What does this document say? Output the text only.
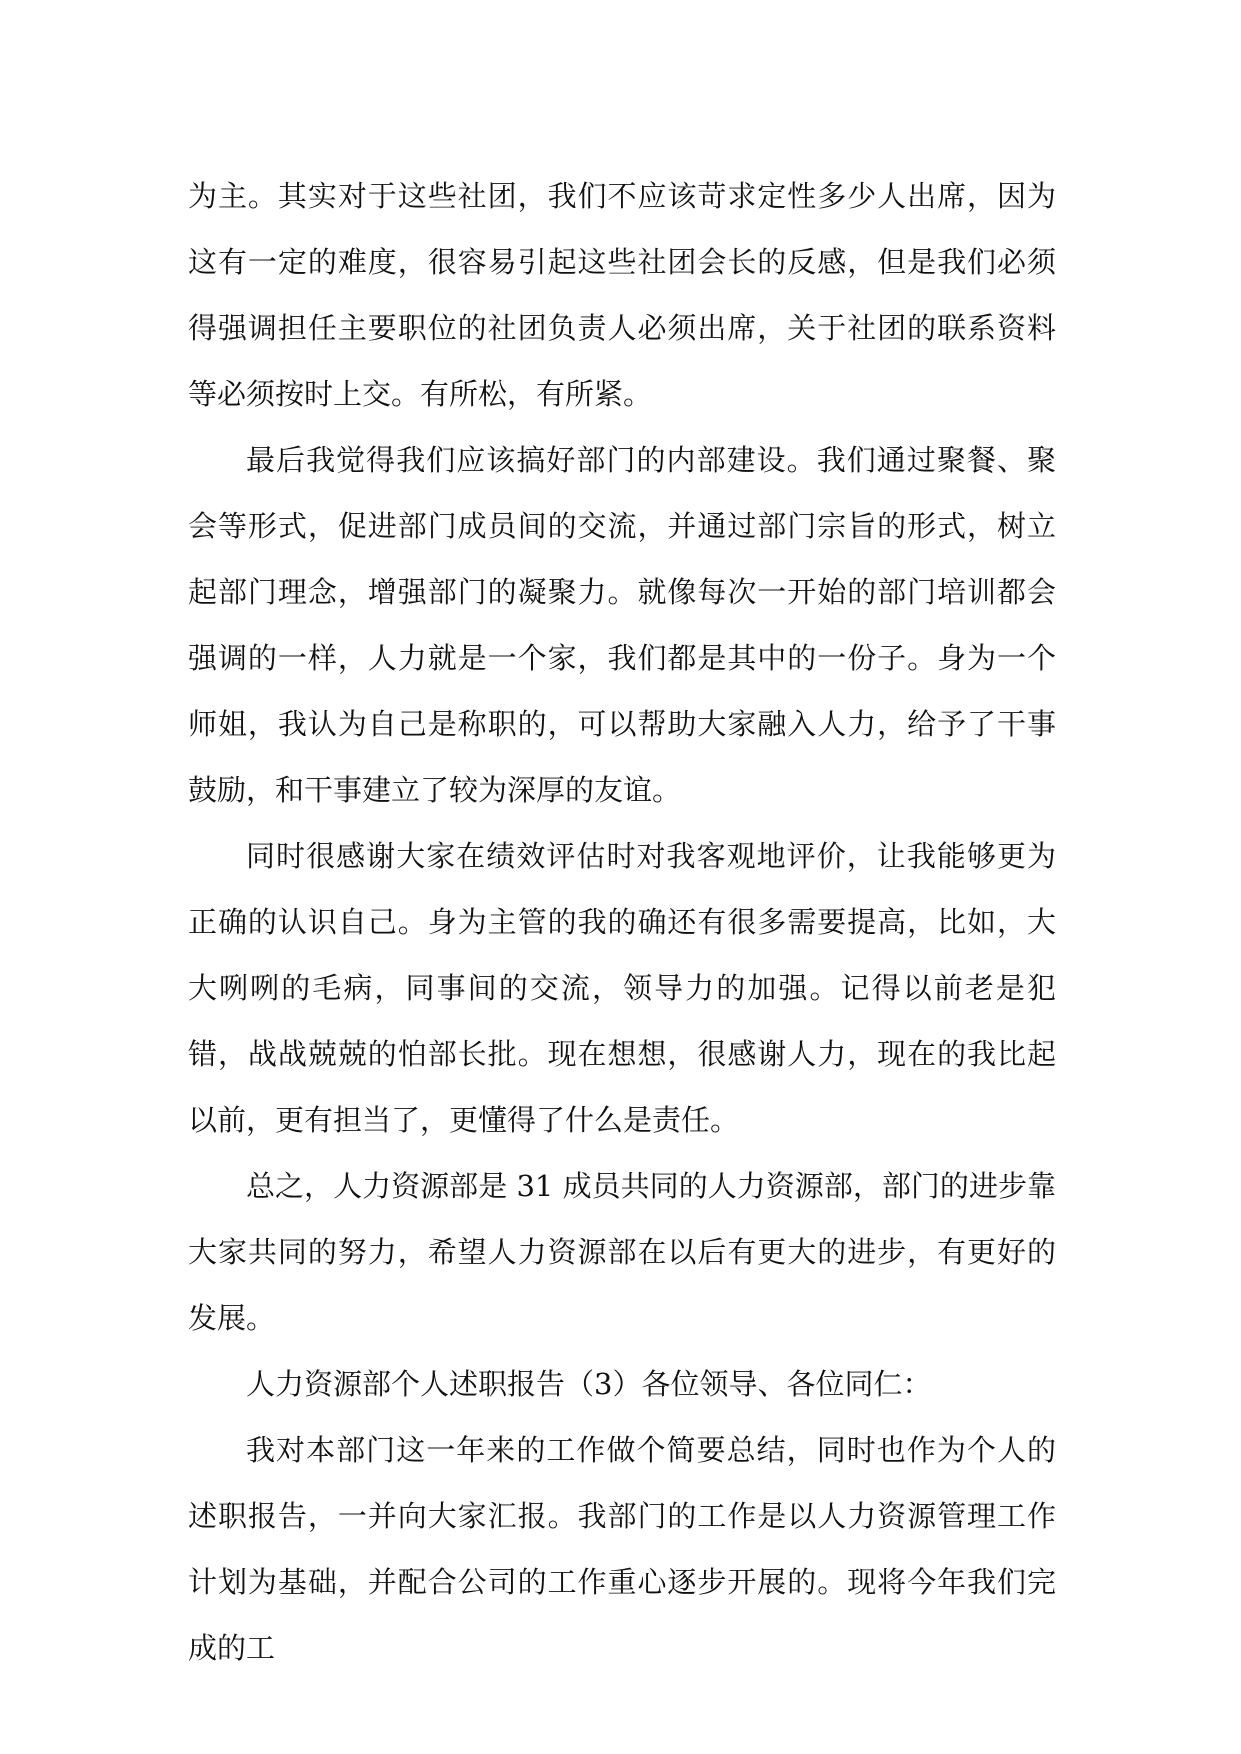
为主。其实对于这些社团，我们不应该苛求定性多少人出席，因为这有一定的难度，很容易引起这些社团会长的反感，但是我们必须得强调担任主要职位的社团负责人必须出席，关于社团的联系资料等必须按时上交。有所松，有所紧。

最后我觉得我们应该搞好部门的内部建设。我们通过聚餐、聚会等形式，促进部门成员间的交流，并通过部门宗旨的形式，树立起部门理念，增强部门的凝聚力。就像每次一开始的部门培训都会强调的一样，人力就是一个家，我们都是其中的一份子。身为一个师姐，我认为自己是称职的，可以帮助大家融入人力，给予了干事鼓励，和干事建立了较为深厚的友谊。

同时很感谢大家在绩效评估时对我客观地评价，让我能够更为正确的认识自己。身为主管的我的确还有很多需要提高，比如，大大咧咧的毛病，同事间的交流，领导力的加强。记得以前老是犯错，战战兢兢的怕部长批。现在想想，很感谢人力，现在的我比起以前，更有担当了，更懂得了什么是责任。

总之，人力资源部是 31 成员共同的人力资源部，部门的进步靠大家共同的努力，希望人力资源部在以后有更大的进步，有更好的发展。

人力资源部个人述职报告（3）各位领导、各位同仁：

我对本部门这一年来的工作做个简要总结，同时也作为个人的述职报告，一并向大家汇报。我部门的工作是以人力资源管理工作计划为基础，并配合公司的工作重心逐步开展的。现将今年我们完成的工
